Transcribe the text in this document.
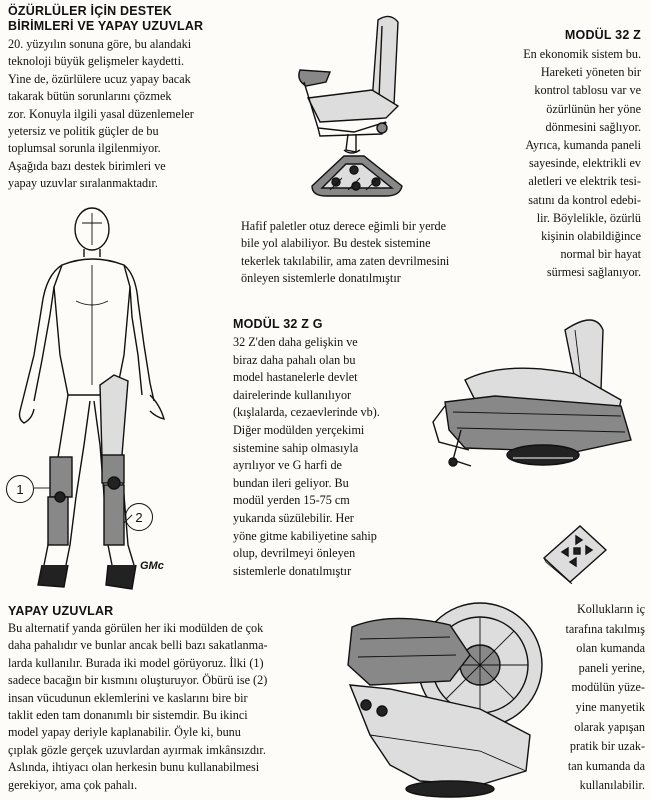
ÖZÜRLÜLER İÇİN DESTEK
BİRİMLERİ VE YAPAY UZUVLAR
20. yüzyılın sonuna göre, bu alandaki
teknoloji büyük gelişmeler kaydetti.
Yine de, özürlülere ucuz yapay bacak
takarak bütün sorunlarını çözmek
zor. Konuyla ilgili yasal düzenlemeler
yetersiz ve politik güçler de bu
toplumsal sorunla ilgilenmiyor.
Aşağıda bazı destek birimleri ve
yapay uzuvlar sıralanmaktadır.
MODÜL 32 Z
En ekonomik sistem bu.
Hareketi yöneten bir
kontrol tablosu var ve
özürlünün her yöne
dönmesini sağlıyor.
Ayrıca, kumanda paneli
sayesinde, elektrikli ev
aletleri ve elektrik tesi-
satını da kontrol edebi-
lir. Böylelikle, özürlü
kişinin olabildiğince
normal bir hayat
sürmesi sağlanıyor.
Hafif paletler otuz derece eğimli bir yerde
bile yol alabiliyor. Bu destek sistemine
tekerlek takılabilir, ama zaten devrilmesini
önleyen sistemlerle donatılmıştır
1
2
GMc
MODÜL 32 Z G
32 Z'den daha gelişkin ve
biraz daha pahalı olan bu
model hastanelerle devlet
dairelerinde kullanılıyor
(kışlalarda, cezaevlerinde vb).
Diğer modülden yerçekimi
sistemine sahip olmasıyla
ayrılıyor ve G harfi de
bundan ileri geliyor. Bu
modül yerden 15-75 cm
yukarıda süzülebilir. Her
yöne gitme kabiliyetine sahip
olup, devrilmeyi önleyen
sistemlerle donatılmıştır
YAPAY UZUVLAR
Bu alternatif yanda görülen her iki modülden de çok
daha pahalıdır ve bunlar ancak belli bazı sakatlanma-
larda kullanılır. Burada iki model görüyoruz. İlki (1)
sadece bacağın bir kısmını oluşturuyor. Öbürü ise (2)
insan vücudunun eklemlerini ve kaslarını bire bir
taklit eden tam donanımlı bir sistemdir. Bu ikinci
model yapay deriyle kaplanabilir. Öyle ki, bunu
çıplak gözle gerçek uzuvlardan ayırmak imkânsızdır.
Aslında, ihtiyacı olan herkesin bunu kullanabilmesi
gerekiyor, ama çok pahalı.
Kollukların iç
tarafına takılmış
olan kumanda
paneli yerine,
modülün yüze-
yine manyetik
olarak yapışan
pratik bir uzak-
tan kumanda da
kullanılabilir.
